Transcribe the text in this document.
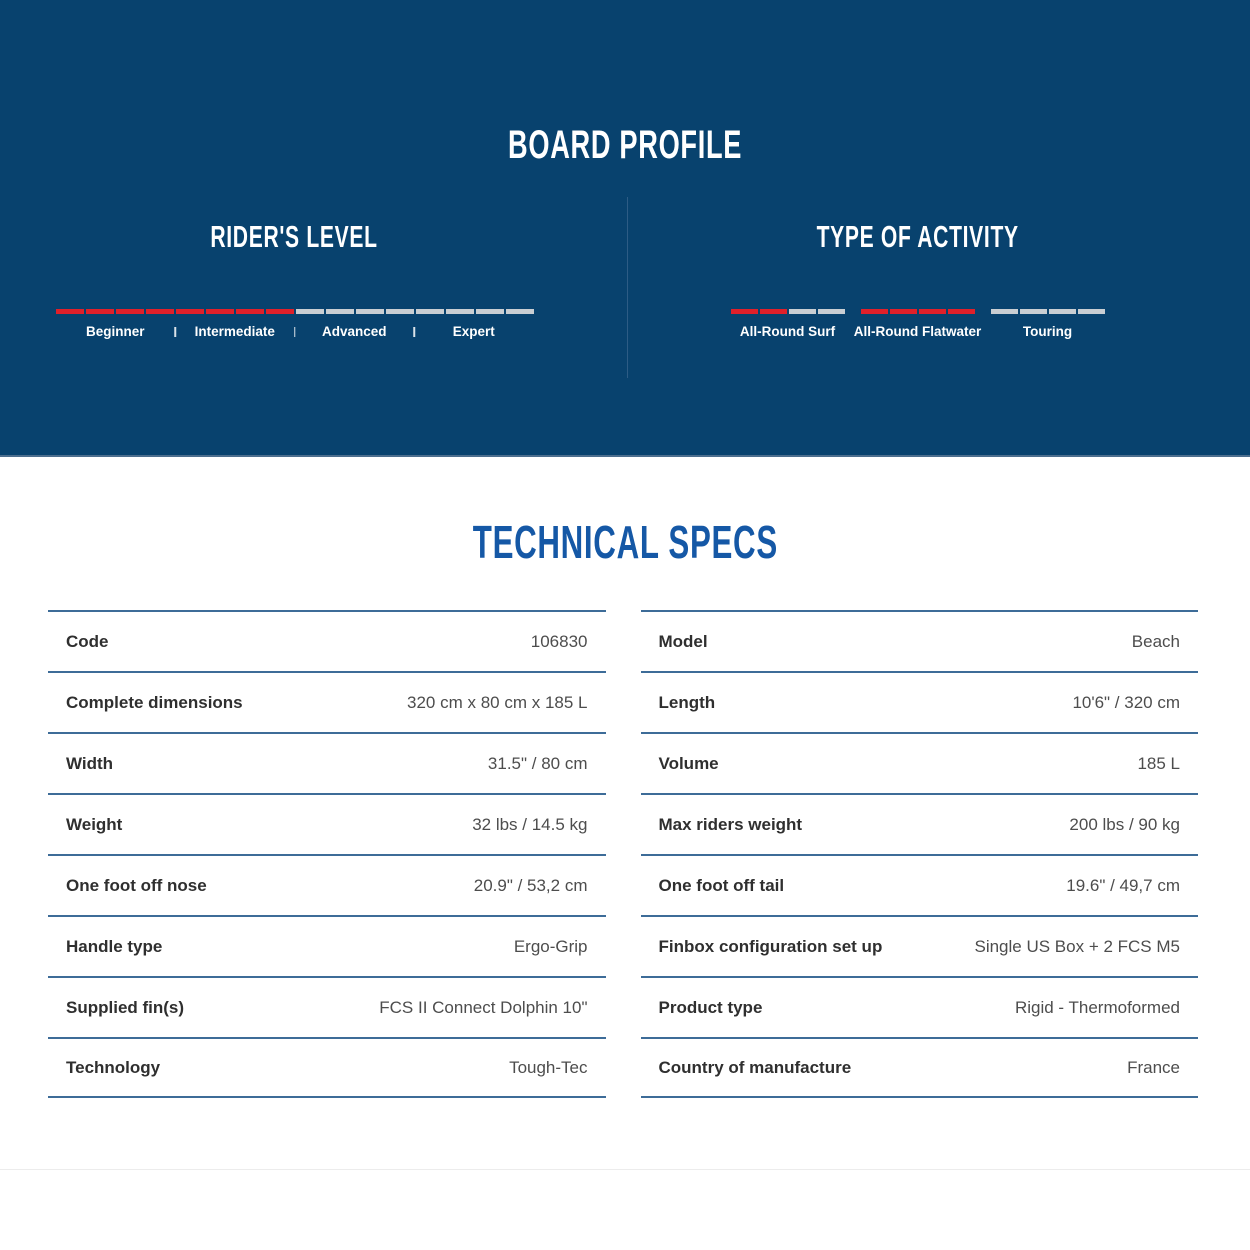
BOARD PROFILE
RIDER'S LEVEL
Beginner	Intermediate	Advanced	Expert
TYPE OF ACTIVITY
All-Round Surf All-Round Flatwater	Touring
TECHNICAL SPECS
Code	106830
Complete dimensions	320 cm x 80 cm x 185 L
Width	31.5" / 80 cm
Weight	32 lbs / 14.5 kg
One foot off nose	20.9" / 53,2 cm
Handle type	Ergo-Grip
Supplied fin(s)	FCS II Connect Dolphin 10"
Technology	Tough-Tec
Model	Beach
Length	10'6" / 320 cm
Volume	185 L
Max riders weight	200 lbs / 90 kg
One foot off tail	19.6" / 49,7 cm
Finbox configuration set up	Single US Box + 2 FCS M5
Product type	Rigid - Thermoformed
Country of manufacture	France
